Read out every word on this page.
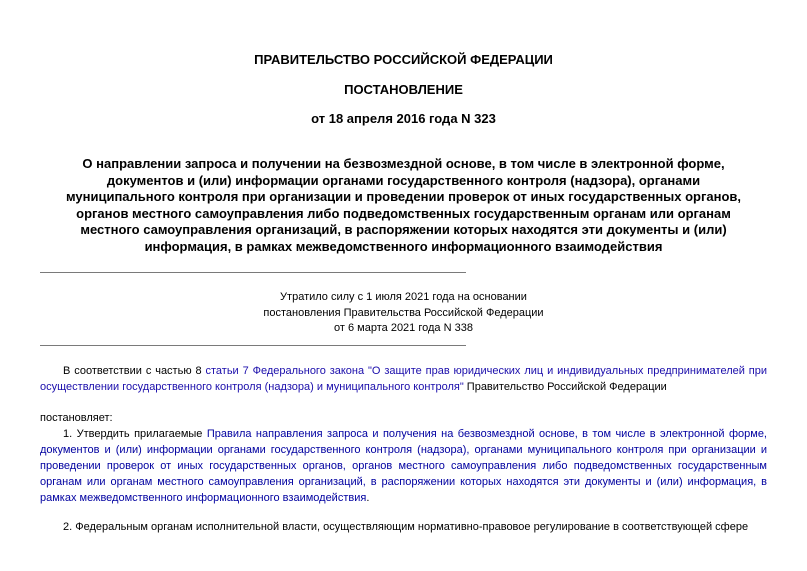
ПРАВИТЕЛЬСТВО РОССИЙСКОЙ ФЕДЕРАЦИИ
ПОСТАНОВЛЕНИЕ
от 18 апреля 2016 года N 323
О направлении запроса и получении на безвозмездной основе, в том числе в электронной форме, документов и (или) информации органами государственного контроля (надзора), органами муниципального контроля при организации и проведении проверок от иных государственных органов, органов местного самоуправления либо подведомственных государственным органам или органам местного самоуправления организаций, в распоряжении которых находятся эти документы и (или) информация, в рамках межведомственного информационного взаимодействия
Утратило силу с 1 июля 2021 года на основании
постановления Правительства Российской Федерации
от 6 марта 2021 года N 338
В соответствии с частью 8 статьи 7 Федерального закона "О защите прав юридических лиц и индивидуальных предпринимателей при осуществлении государственного контроля (надзора) и муниципального контроля" Правительство Российской Федерации
постановляет:
1. Утвердить прилагаемые Правила направления запроса и получения на безвозмездной основе, в том числе в электронной форме, документов и (или) информации органами государственного контроля (надзора), органами муниципального контроля при организации и проведении проверок от иных государственных органов, органов местного самоуправления либо подведомственных государственным органам или органам местного самоуправления организаций, в распоряжении которых находятся эти документы и (или) информация, в рамках межведомственного информационного взаимодействия.
2. Федеральным органам исполнительной власти, осуществляющим нормативно-правовое регулирование в соответствующей сфере
